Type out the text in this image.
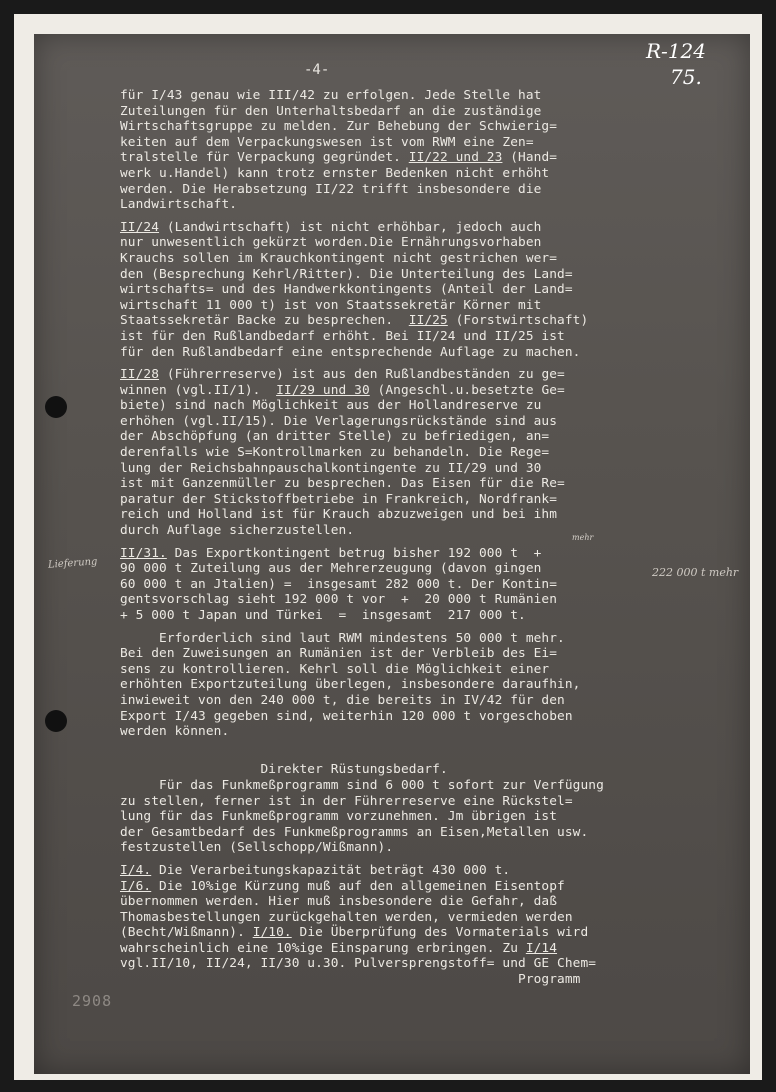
R-124
75.
-4-
für I/43 genau wie III/42 zu erfolgen. Jede Stelle hat
Zuteilungen für den Unterhaltsbedarf an die zuständige
Wirtschaftsgruppe zu melden. Zur Behebung der Schwierig=
keiten auf dem Verpackungswesen ist vom RWM eine Zen=
tralstelle für Verpackung gegründet. II/22 und 23 (Hand=
werk u.Handel) kann trotz ernster Bedenken nicht erhöht
werden. Die Herabsetzung II/22 trifft insbesondere die
Landwirtschaft.
II/24 (Landwirtschaft) ist nicht erhöhbar, jedoch auch
nur unwesentlich gekürzt worden.Die Ernährungsvorhaben
Krauchs sollen im Krauchkontingent nicht gestrichen wer=
den (Besprechung Kehrl/Ritter). Die Unterteilung des Land=
wirtschafts= und des Handwerkkontingents (Anteil der Land=
wirtschaft 11 000 t) ist von Staatssekretär Körner mit
Staatssekretär Backe zu besprechen.  II/25 (Forstwirtschaft)
ist für den Rußlandbedarf erhöht. Bei II/24 und II/25 ist
für den Rußlandbedarf eine entsprechende Auflage zu machen.
II/28 (Führerreserve) ist aus den Rußlandbeständen zu ge=
winnen (vgl.II/1).  II/29 und 30 (Angeschl.u.besetzte Ge=
biete) sind nach Möglichkeit aus der Hollandreserve zu
erhöhen (vgl.II/15). Die Verlagerungsrückstände sind aus
der Abschöpfung (an dritter Stelle) zu befriedigen, an=
derenfalls wie S=Kontrollmarken zu behandeln. Die Rege=
lung der Reichsbahnpauschalkontingente zu II/29 und 30
ist mit Ganzenmüller zu besprechen. Das Eisen für die Re=
paratur der Stickstoffbetriebe in Frankreich, Nordfrank=
reich und Holland ist für Krauch abzuzweigen und bei ihm
durch Auflage sicherzustellen.
II/31. Das Exportkontingent betrug bisher 192 000 t  +
90 000 t Zuteilung aus der Mehrerzeugung (davon gingen
60 000 t an Jtalien) =  insgesamt 282 000 t. Der Kontin=
gentsvorschlag sieht 192 000 t vor  +  20 000 t Rumänien
+ 5 000 t Japan und Türkei  =  insgesamt  217 000 t.
Erforderlich sind laut RWM mindestens 50 000 t mehr.
Bei den Zuweisungen an Rumänien ist der Verbleib des Ei=
sens zu kontrollieren. Kehrl soll die Möglichkeit einer
erhöhten Exportzuteilung überlegen, insbesondere daraufhin,
inwieweit von den 240 000 t, die bereits in IV/42 für den
Export I/43 gegeben sind, weiterhin 120 000 t vorgeschoben
werden können.

Direkter Rüstungsbedarf.
Für das Funkmeßprogramm sind 6 000 t sofort zur Verfügung
zu stellen, ferner ist in der Führerreserve eine Rückstel=
lung für das Funkmeßprogramm vorzunehmen. Jm übrigen ist
der Gesamtbedarf des Funkmeßprogramms an Eisen,Metallen usw.
festzustellen (Sellschopp/Wißmann).
I/4. Die Verarbeitungskapazität beträgt 430 000 t.
I/6. Die 10%ige Kürzung muß auf den allgemeinen Eisentopf
übernommen werden. Hier muß insbesondere die Gefahr, daß
Thomasbestellungen zurückgehalten werden, vermieden werden
(Becht/Wißmann). I/10. Die Überprüfung des Vormaterials wird
wahrscheinlich eine 10%ige Einsparung erbringen. Zu I/14
vgl.II/10, II/24, II/30 u.30. Pulversprengstoff= und GE Chem=
Programm
mehr
Lieferung
222 000 t mehr
2908
